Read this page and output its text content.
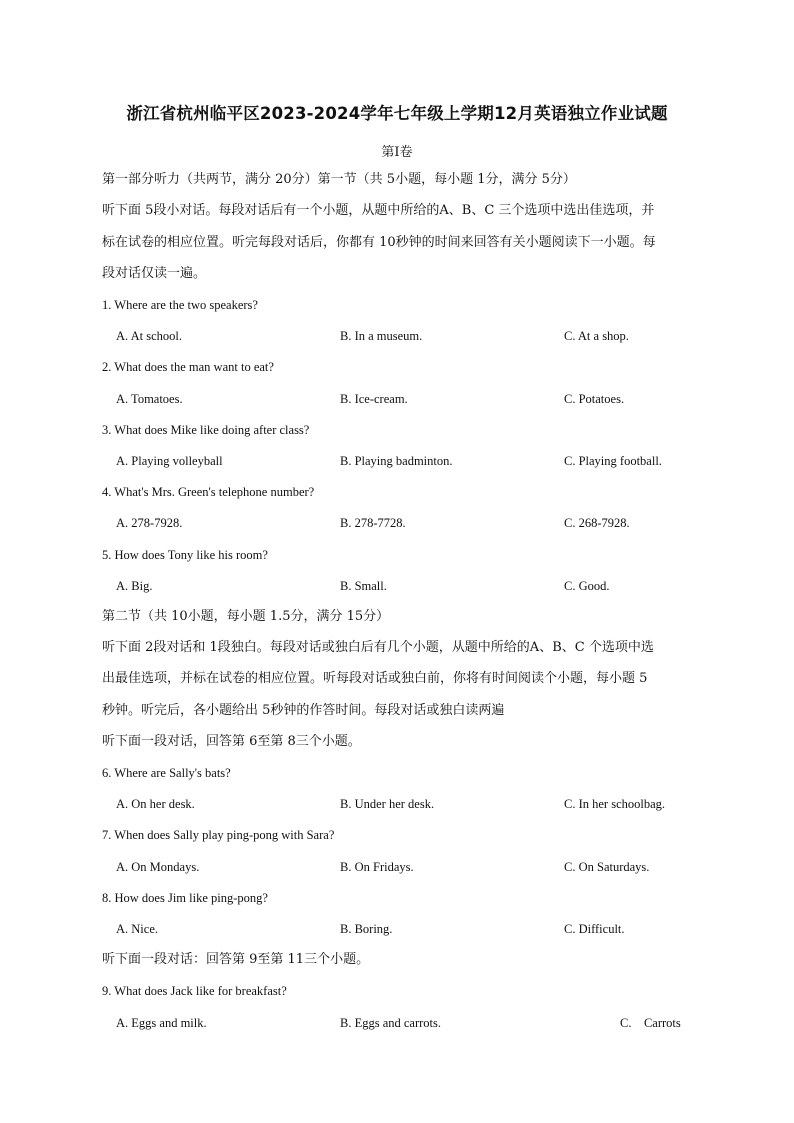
浙江省杭州临平区2023-2024学年七年级上学期12月英语独立作业试题
第I卷
第一部分听力（共两节，满分 20分）第一节（共 5小题，每小题 1分，满分 5分）
听下面 5段小对话。每段对话后有一个小题，从题中所给的A、B、C 三个选项中选出佳选项，并
标在试卷的相应位置。听完每段对话后，你都有 10秒钟的时间来回答有关小题阅读下一小题。每
段对话仅读一遍。
1. Where are the two speakers?
A. At school.	B. In a museum.	C. At a shop.
2. What does the man want to eat?
A. Tomatoes.	B. Ice-cream.	C. Potatoes.
3. What does Mike like doing after class?
A. Playing volleyball	B. Playing badminton.	C. Playing football.
4. What's Mrs. Green's telephone number?
A. 278-7928.	B. 278-7728.	C. 268-7928.
5. How does Tony like his room?
A. Big.	B. Small.	C. Good.
第二节（共 10小题，每小题 1.5分，满分 15分）
听下面 2段对话和 1段独白。每段对话或独白后有几个小题，从题中所给的A、B、C 个选项中选
出最佳选项，并标在试卷的相应位置。听每段对话或独白前，你将有时间阅读个小题，每小题 5
秒钟。听完后，各小题给出 5秒钟的作答时间。每段对话或独白读两遍
听下面一段对话，回答第 6至第 8三个小题。
6. Where are Sally's bats?
A. On her desk.	B. Under her desk.	C. In her schoolbag.
7. When does Sally play ping-pong with Sara?
A. On Mondays.	B. On Fridays.	C. On Saturdays.
8. How does Jim like ping-pong?
A. Nice.	B. Boring.	C. Difficult.
听下面一段对话：回答第 9至第 11三个小题。
9. What does Jack like for breakfast?
A. Eggs and milk.	B. Eggs and carrots.	C.    Carrots
